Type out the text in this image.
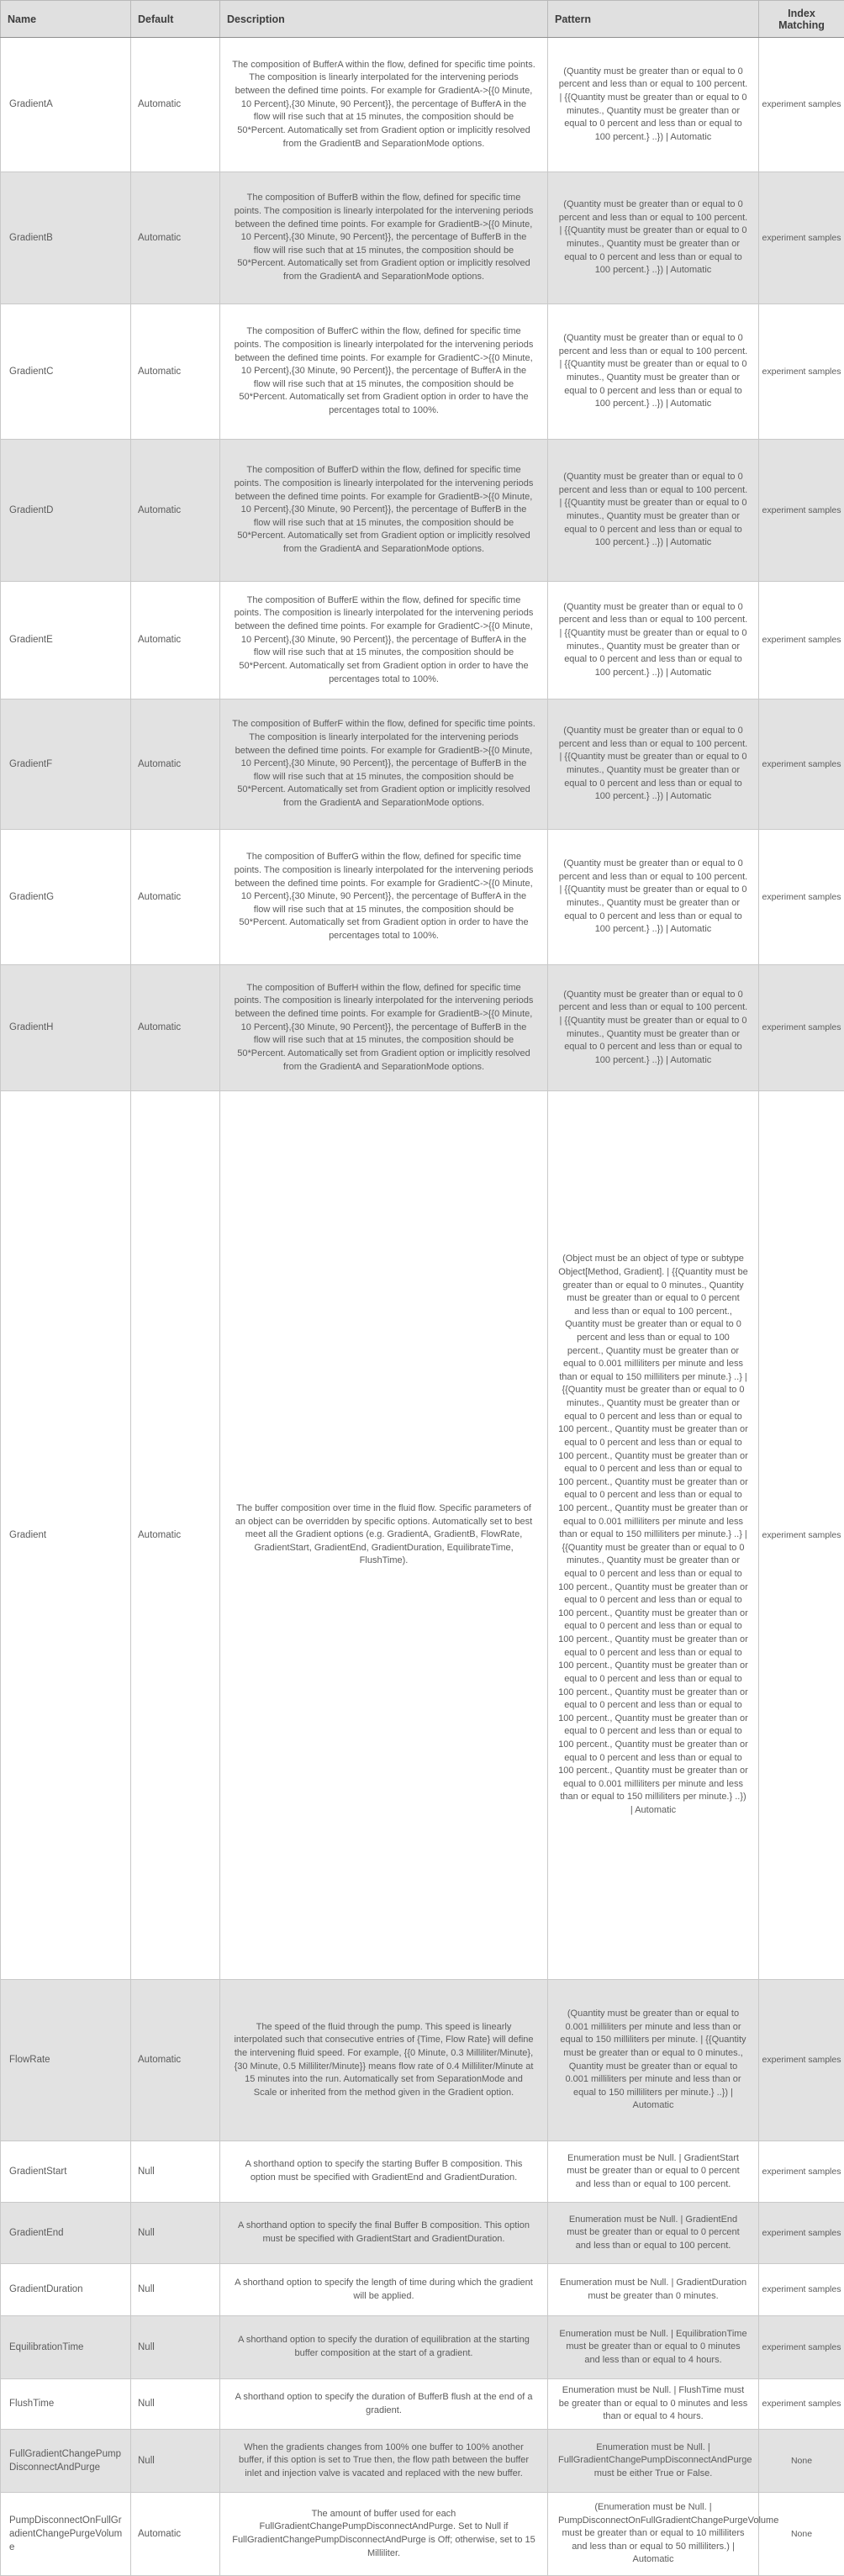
Name	Default	Description	Pattern	Index Matching
GradientA	Automatic	The composition of BufferA within the flow, defined for specific time points. The composition is linearly interpolated for the intervening periods between the defined time points. For example for GradientA->{{0 Minute, 10 Percent},{30 Minute, 90 Percent}}, the percentage of BufferA in the flow will rise such that at 15 minutes, the composition should be 50*Percent. Automatically set from Gradient option or implicitly resolved from the GradientB and SeparationMode options.	(Quantity must be greater than or equal to 0 percent and less than or equal to 100 percent. | {{Quantity must be greater than or equal to 0 minutes., Quantity must be greater than or equal to 0 percent and less than or equal to 100 percent.} ..}) | Automatic	experiment samples
GradientB	Automatic	The composition of BufferB within the flow, defined for specific time points. The composition is linearly interpolated for the intervening periods between the defined time points. For example for GradientB->{{0 Minute, 10 Percent},{30 Minute, 90 Percent}}, the percentage of BufferB in the flow will rise such that at 15 minutes, the composition should be 50*Percent. Automatically set from Gradient option or implicitly resolved from the GradientA and SeparationMode options.	(Quantity must be greater than or equal to 0 percent and less than or equal to 100 percent. | {{Quantity must be greater than or equal to 0 minutes., Quantity must be greater than or equal to 0 percent and less than or equal to 100 percent.} ..}) | Automatic	experiment samples
GradientC	Automatic	The composition of BufferC within the flow, defined for specific time points. The composition is linearly interpolated for the intervening periods between the defined time points. For example for GradientC->{{0 Minute, 10 Percent},{30 Minute, 90 Percent}}, the percentage of BufferA in the flow will rise such that at 15 minutes, the composition should be 50*Percent. Automatically set from Gradient option in order to have the percentages total to 100%.	(Quantity must be greater than or equal to 0 percent and less than or equal to 100 percent. | {{Quantity must be greater than or equal to 0 minutes., Quantity must be greater than or equal to 0 percent and less than or equal to 100 percent.} ..}) | Automatic	experiment samples
GradientD	Automatic	The composition of BufferD within the flow, defined for specific time points. The composition is linearly interpolated for the intervening periods between the defined time points. For example for GradientB->{{0 Minute, 10 Percent},{30 Minute, 90 Percent}}, the percentage of BufferB in the flow will rise such that at 15 minutes, the composition should be 50*Percent. Automatically set from Gradient option or implicitly resolved from the GradientA and SeparationMode options.	(Quantity must be greater than or equal to 0 percent and less than or equal to 100 percent. | {{Quantity must be greater than or equal to 0 minutes., Quantity must be greater than or equal to 0 percent and less than or equal to 100 percent.} ..}) | Automatic	experiment samples
GradientE	Automatic	The composition of BufferE within the flow, defined for specific time points. The composition is linearly interpolated for the intervening periods between the defined time points. For example for GradientC->{{0 Minute, 10 Percent},{30 Minute, 90 Percent}}, the percentage of BufferA in the flow will rise such that at 15 minutes, the composition should be 50*Percent. Automatically set from Gradient option in order to have the percentages total to 100%.	(Quantity must be greater than or equal to 0 percent and less than or equal to 100 percent. | {{Quantity must be greater than or equal to 0 minutes., Quantity must be greater than or equal to 0 percent and less than or equal to 100 percent.} ..}) | Automatic	experiment samples
GradientF	Automatic	The composition of BufferF within the flow, defined for specific time points. The composition is linearly interpolated for the intervening periods between the defined time points. For example for GradientB->{{0 Minute, 10 Percent},{30 Minute, 90 Percent}}, the percentage of BufferB in the flow will rise such that at 15 minutes, the composition should be 50*Percent. Automatically set from Gradient option or implicitly resolved from the GradientA and SeparationMode options.	(Quantity must be greater than or equal to 0 percent and less than or equal to 100 percent. | {{Quantity must be greater than or equal to 0 minutes., Quantity must be greater than or equal to 0 percent and less than or equal to 100 percent.} ..}) | Automatic	experiment samples
GradientG	Automatic	The composition of BufferG within the flow, defined for specific time points. The composition is linearly interpolated for the intervening periods between the defined time points. For example for GradientC->{{0 Minute, 10 Percent},{30 Minute, 90 Percent}}, the percentage of BufferA in the flow will rise such that at 15 minutes, the composition should be 50*Percent. Automatically set from Gradient option in order to have the percentages total to 100%.	(Quantity must be greater than or equal to 0 percent and less than or equal to 100 percent. | {{Quantity must be greater than or equal to 0 minutes., Quantity must be greater than or equal to 0 percent and less than or equal to 100 percent.} ..}) | Automatic	experiment samples
GradientH	Automatic	The composition of BufferH within the flow, defined for specific time points. The composition is linearly interpolated for the intervening periods between the defined time points. For example for GradientB->{{0 Minute, 10 Percent},{30 Minute, 90 Percent}}, the percentage of BufferB in the flow will rise such that at 15 minutes, the composition should be 50*Percent. Automatically set from Gradient option or implicitly resolved from the GradientA and SeparationMode options.	(Quantity must be greater than or equal to 0 percent and less than or equal to 100 percent. | {{Quantity must be greater than or equal to 0 minutes., Quantity must be greater than or equal to 0 percent and less than or equal to 100 percent.} ..}) | Automatic	experiment samples
Gradient	Automatic	The buffer composition over time in the fluid flow. Specific parameters of an object can be overridden by specific options. Automatically set to best meet all the Gradient options (e.g. GradientA, GradientB, FlowRate, GradientStart, GradientEnd, GradientDuration, EquilibrateTime, FlushTime).	(Object must be an object of type or subtype Object[Method, Gradient]. | {{Quantity must be greater than or equal to 0 minutes., Quantity must be greater than or equal to 0 percent and less than or equal to 100 percent., Quantity must be greater than or equal to 0 percent and less than or equal to 100 percent., Quantity must be greater than or equal to 0.001 milliliters per minute and less than or equal to 150 milliliters per minute.} ..} | {{Quantity must be greater than or equal to 0 minutes., Quantity must be greater than or equal to 0 percent and less than or equal to 100 percent., Quantity must be greater than or equal to 0 percent and less than or equal to 100 percent., Quantity must be greater than or equal to 0 percent and less than or equal to 100 percent., Quantity must be greater than or equal to 0 percent and less than or equal to 100 percent., Quantity must be greater than or equal to 0.001 milliliters per minute and less than or equal to 150 milliliters per minute.} ..} | {{Quantity must be greater than or equal to 0 minutes., Quantity must be greater than or equal to 0 percent and less than or equal to 100 percent., Quantity must be greater than or equal to 0 percent and less than or equal to 100 percent., Quantity must be greater than or equal to 0 percent and less than or equal to 100 percent., Quantity must be greater than or equal to 0 percent and less than or equal to 100 percent., Quantity must be greater than or equal to 0 percent and less than or equal to 100 percent., Quantity must be greater than or equal to 0 percent and less than or equal to 100 percent., Quantity must be greater than or equal to 0 percent and less than or equal to 100 percent., Quantity must be greater than or equal to 0 percent and less than or equal to 100 percent., Quantity must be greater than or equal to 0.001 milliliters per minute and less than or equal to 150 milliliters per minute.} ..}) | Automatic	experiment samples
FlowRate	Automatic	The speed of the fluid through the pump. This speed is linearly interpolated such that consecutive entries of {Time, Flow Rate} will define the intervening fluid speed. For example, {{0 Minute, 0.3 Milliliter/Minute},{30 Minute, 0.5 Milliliter/Minute}} means flow rate of 0.4 Milliliter/Minute at 15 minutes into the run. Automatically set from SeparationMode and Scale or inherited from the method given in the Gradient option.	(Quantity must be greater than or equal to 0.001 milliliters per minute and less than or equal to 150 milliliters per minute. | {{Quantity must be greater than or equal to 0 minutes., Quantity must be greater than or equal to 0.001 milliliters per minute and less than or equal to 150 milliliters per minute.} ..}) | Automatic	experiment samples
GradientStart	Null	A shorthand option to specify the starting Buffer B composition. This option must be specified with GradientEnd and GradientDuration.	Enumeration must be Null. | GradientStart must be greater than or equal to 0 percent and less than or equal to 100 percent.	experiment samples
GradientEnd	Null	A shorthand option to specify the final Buffer B composition. This option must be specified with GradientStart and GradientDuration.	Enumeration must be Null. | GradientEnd must be greater than or equal to 0 percent and less than or equal to 100 percent.	experiment samples
GradientDuration	Null	A shorthand option to specify the length of time during which the gradient will be applied.	Enumeration must be Null. | GradientDuration must be greater than 0 minutes.	experiment samples
EquilibrationTime	Null	A shorthand option to specify the duration of equilibration at the starting buffer composition at the start of a gradient.	Enumeration must be Null. | EquilibrationTime must be greater than or equal to 0 minutes and less than or equal to 4 hours.	experiment samples
FlushTime	Null	A shorthand option to specify the duration of BufferB flush at the end of a gradient.	Enumeration must be Null. | FlushTime must be greater than or equal to 0 minutes and less than or equal to 4 hours.	experiment samples
FullGradientChangePumpDisconnectAndPurge	Null	When the gradients changes from 100% one buffer to 100% another buffer, if this option is set to True then, the flow path between the buffer inlet and injection valve is vacated and replaced with the new buffer.	Enumeration must be Null. | FullGradientChangePumpDisconnectAndPurge must be either True or False.	None
PumpDisconnectOnFullGradientChangePurgeVolume	Automatic	The amount of buffer used for each FullGradientChangePumpDisconnectAndPurge. Set to Null if FullGradientChangePumpDisconnectAndPurge is Off; otherwise, set to 15 Milliliter.	(Enumeration must be Null. | PumpDisconnectOnFullGradientChangePurgeVolume must be greater than or equal to 10 milliliters and less than or equal to 50 milliliters.) | Automatic	None
